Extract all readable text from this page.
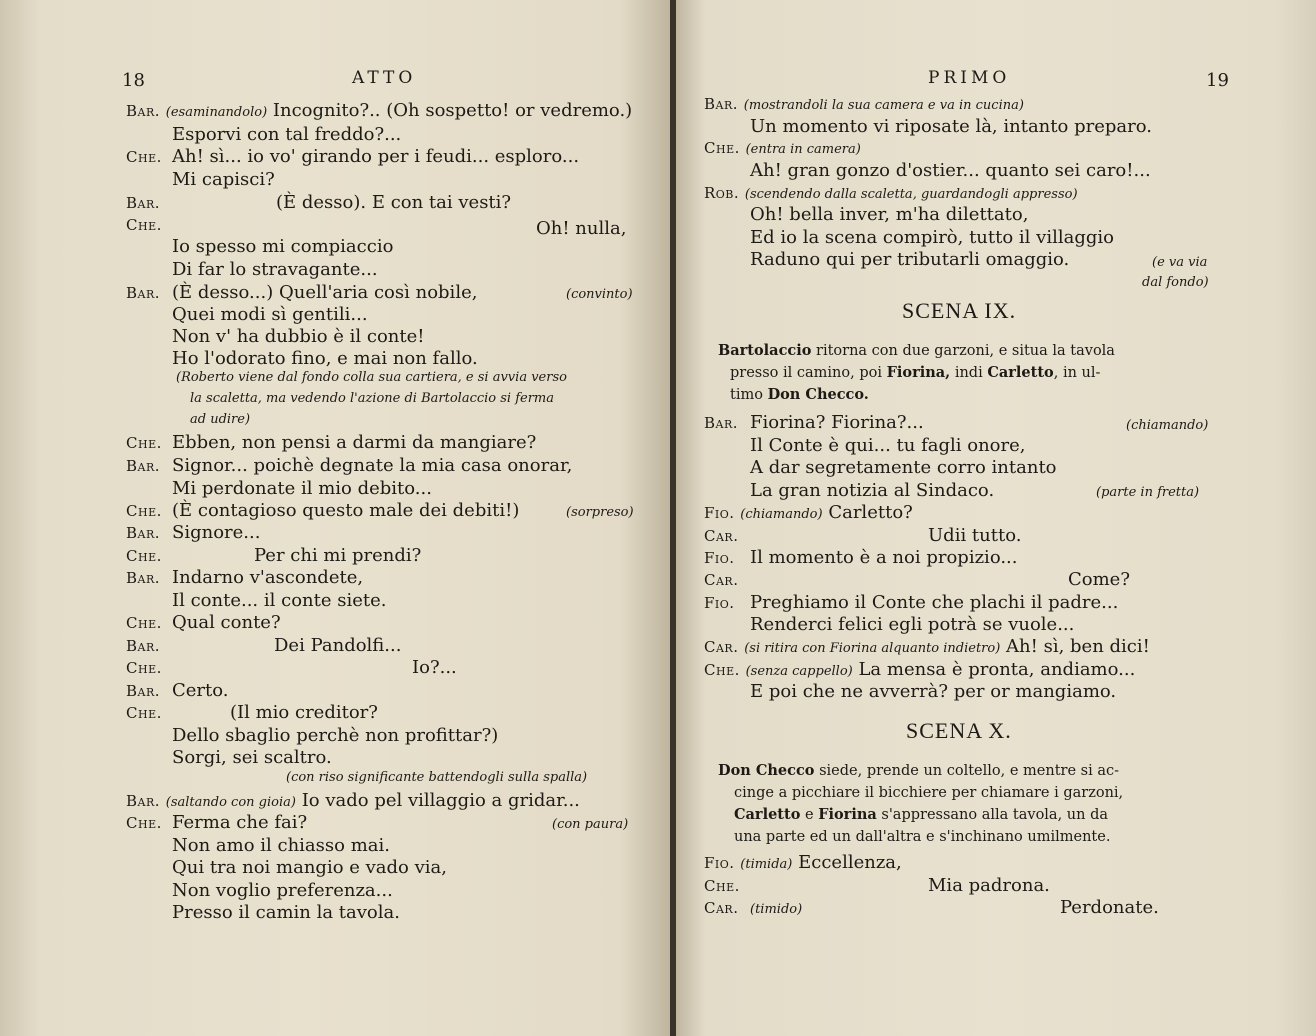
18	ATTO
Bar. (esaminandolo) Incognito?.. (Oh sospetto! or vedremo.)
Esporvi con tal freddo?...
Che. Ah! sì... io vo' girando per i feudi... esploro...
Mi capisci?
Bar.	(È desso). E con tai vesti?
Che.	Oh! nulla,
Io spesso mi compiaccio
Di far lo stravagante...
Bar. (È desso...) Quell'aria così nobile,	(convinto)
Quei modi sì gentili...
Non v' ha dubbio è il conte!
Ho l'odorato fino, e mai non fallo.
(Roberto viene dal fondo colla sua cartiera, e si avvia verso
la scaletta, ma vedendo l'azione di Bartolaccio si ferma
ad udire)
Che. Ebben, non pensi a darmi da mangiare?
Bar. Signor... poichè degnate la mia casa onorar,
Mi perdonate il mio debito...
Che. (È contagioso questo male dei debiti!)	(sorpreso)
Bar. Signore...
Che.	Per chi mi prendi?
Bar. Indarno v'ascondete,
Il conte... il conte siete.
Che. Qual conte?
Bar.	Dei Pandolfi...
Che.	Io?...
Bar. Certo.
Che.	(Il mio creditor?
Dello sbaglio perchè non profittar?)
Sorgi, sei scaltro.
(con riso significante battendogli sulla spalla)
Bar. (saltando con gioia) Io vado pel villaggio a gridar...
Che. Ferma che fai?	(con paura)
Non amo il chiasso mai.
Qui tra noi mangio e vado via,
Non voglio preferenza...
Presso il camin la tavola.
PRIMO	19
Bar. (mostrandoli la sua camera e va in cucina)
Un momento vi riposate là, intanto preparo.
Che. (entra in camera)
Ah! gran gonzo d'ostier... quanto sei caro!...
Rob. (scendendo dalla scaletta, guardandogli appresso)
Oh! bella inver, m'ha dilettato,
Ed io la scena compirò, tutto il villaggio
Raduno qui per tributarli omaggio.	(e va via
dal fondo)
SCENA IX.
Bartolaccio ritorna con due garzoni, e situa la tavola
presso il camino, poi Fiorina, indi Carletto, in ul-
timo Don Checco.
Bar. Fiorina? Fiorina?...	(chiamando)
Il Conte è qui... tu fagli onore,
A dar segretamente corro intanto
La gran notizia al Sindaco.	(parte in fretta)
Fio. (chiamando) Carletto?
Car.	Udii tutto.
Fio. Il momento è a noi propizio...
Car.	Come?
Fio. Preghiamo il Conte che plachi il padre...
Renderci felici egli potrà se vuole...
Car. (si ritira con Fiorina alquanto indietro) Ah! sì, ben dici!
Che. (senza cappello) La mensa è pronta, andiamo...
E poi che ne avverrà? per or mangiamo.
SCENA X.
Don Checco siede, prende un coltello, e mentre si ac-
cinge a picchiare il bicchiere per chiamare i garzoni,
Carletto e Fiorina s'appressano alla tavola, un da
una parte ed un dall'altra e s'inchinano umilmente.
Fio. (timida) Eccellenza,
Che.	Mia padrona.
Car. (timido)	Perdonate.
